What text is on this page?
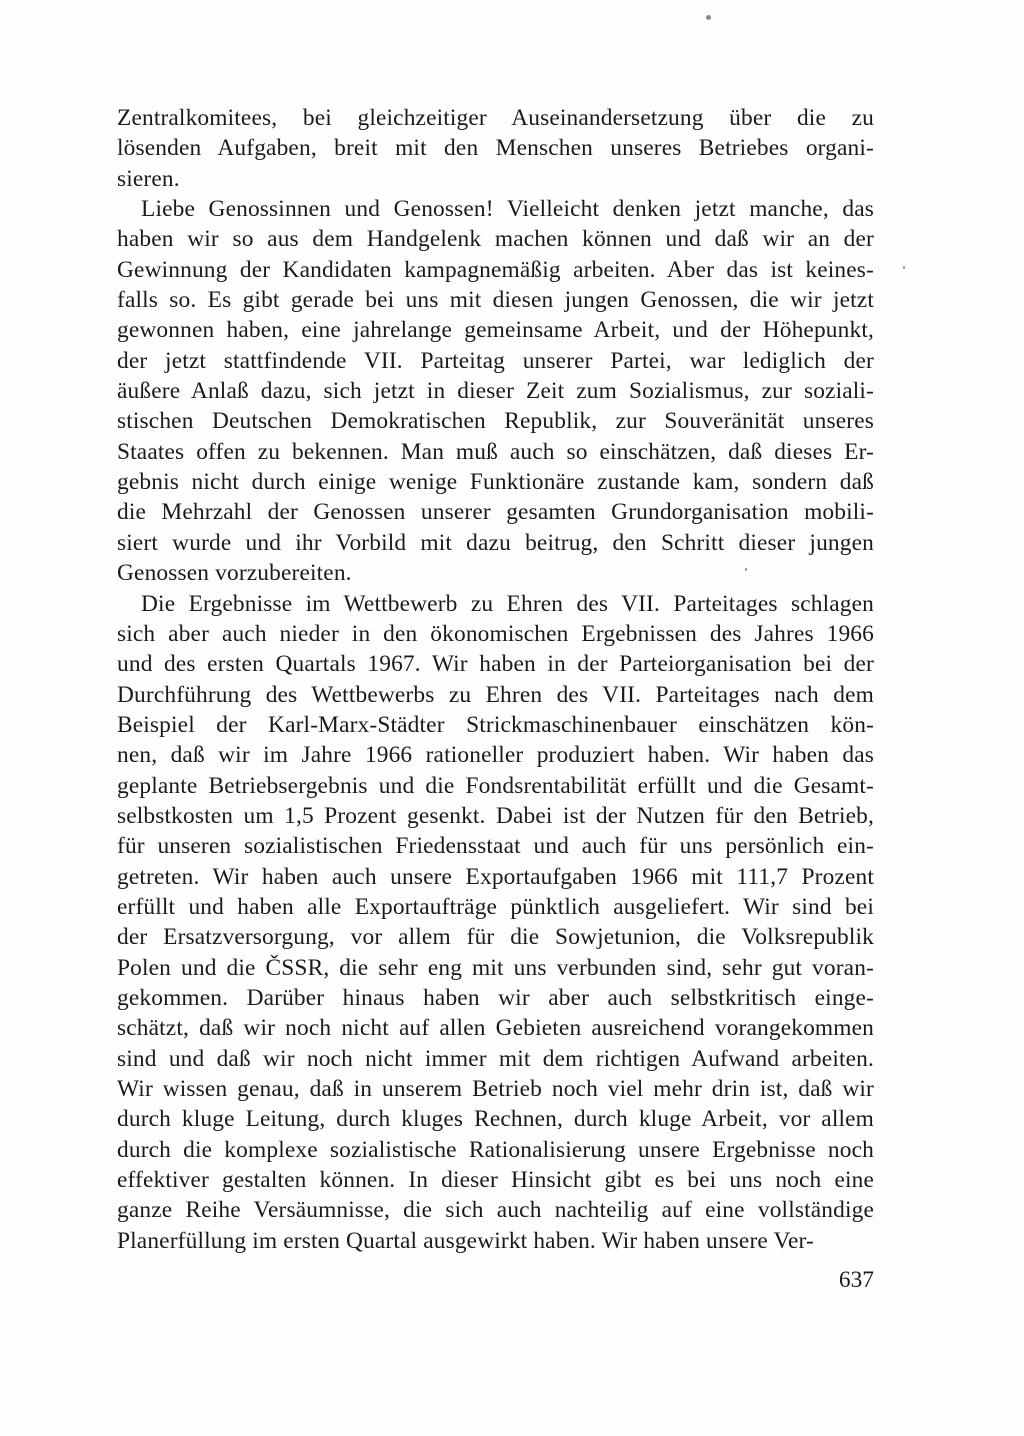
Zentralkomitees, bei gleichzeitiger Auseinandersetzung über die zu
lösenden Aufgaben, breit mit den Menschen unseres Betriebes organi-
sieren.
Liebe Genossinnen und Genossen! Vielleicht denken jetzt manche, das
haben wir so aus dem Handgelenk machen können und daß wir an der
Gewinnung der Kandidaten kampagnemäßig arbeiten. Aber das ist keines-
falls so. Es gibt gerade bei uns mit diesen jungen Genossen, die wir jetzt
gewonnen haben, eine jahrelange gemeinsame Arbeit, und der Höhepunkt,
der jetzt stattfindende VII. Parteitag unserer Partei, war lediglich der
äußere Anlaß dazu, sich jetzt in dieser Zeit zum Sozialismus, zur soziali-
stischen Deutschen Demokratischen Republik, zur Souveränität unseres
Staates offen zu bekennen. Man muß auch so einschätzen, daß dieses Er-
gebnis nicht durch einige wenige Funktionäre zustande kam, sondern daß
die Mehrzahl der Genossen unserer gesamten Grundorganisation mobili-
siert wurde und ihr Vorbild mit dazu beitrug, den Schritt dieser jungen
Genossen vorzubereiten.
Die Ergebnisse im Wettbewerb zu Ehren des VII. Parteitages schlagen
sich aber auch nieder in den ökonomischen Ergebnissen des Jahres 1966
und des ersten Quartals 1967. Wir haben in der Parteiorganisation bei der
Durchführung des Wettbewerbs zu Ehren des VII. Parteitages nach dem
Beispiel der Karl-Marx-Städter Strickmaschinenbauer einschätzen kön-
nen, daß wir im Jahre 1966 rationeller produziert haben. Wir haben das
geplante Betriebsergebnis und die Fondsrentabilität erfüllt und die Gesamt-
selbstkosten um 1,5 Prozent gesenkt. Dabei ist der Nutzen für den Betrieb,
für unseren sozialistischen Friedensstaat und auch für uns persönlich ein-
getreten. Wir haben auch unsere Exportaufgaben 1966 mit 111,7 Prozent
erfüllt und haben alle Exportaufträge pünktlich ausgeliefert. Wir sind bei
der Ersatzversorgung, vor allem für die Sowjetunion, die Volksrepublik
Polen und die ČSSR, die sehr eng mit uns verbunden sind, sehr gut voran-
gekommen. Darüber hinaus haben wir aber auch selbstkritisch einge-
schätzt, daß wir noch nicht auf allen Gebieten ausreichend vorangekommen
sind und daß wir noch nicht immer mit dem richtigen Aufwand arbeiten.
Wir wissen genau, daß in unserem Betrieb noch viel mehr drin ist, daß wir
durch kluge Leitung, durch kluges Rechnen, durch kluge Arbeit, vor allem
durch die komplexe sozialistische Rationalisierung unsere Ergebnisse noch
effektiver gestalten können. In dieser Hinsicht gibt es bei uns noch eine
ganze Reihe Versäumnisse, die sich auch nachteilig auf eine vollständige
Planerfüllung im ersten Quartal ausgewirkt haben. Wir haben unsere Ver-
637
